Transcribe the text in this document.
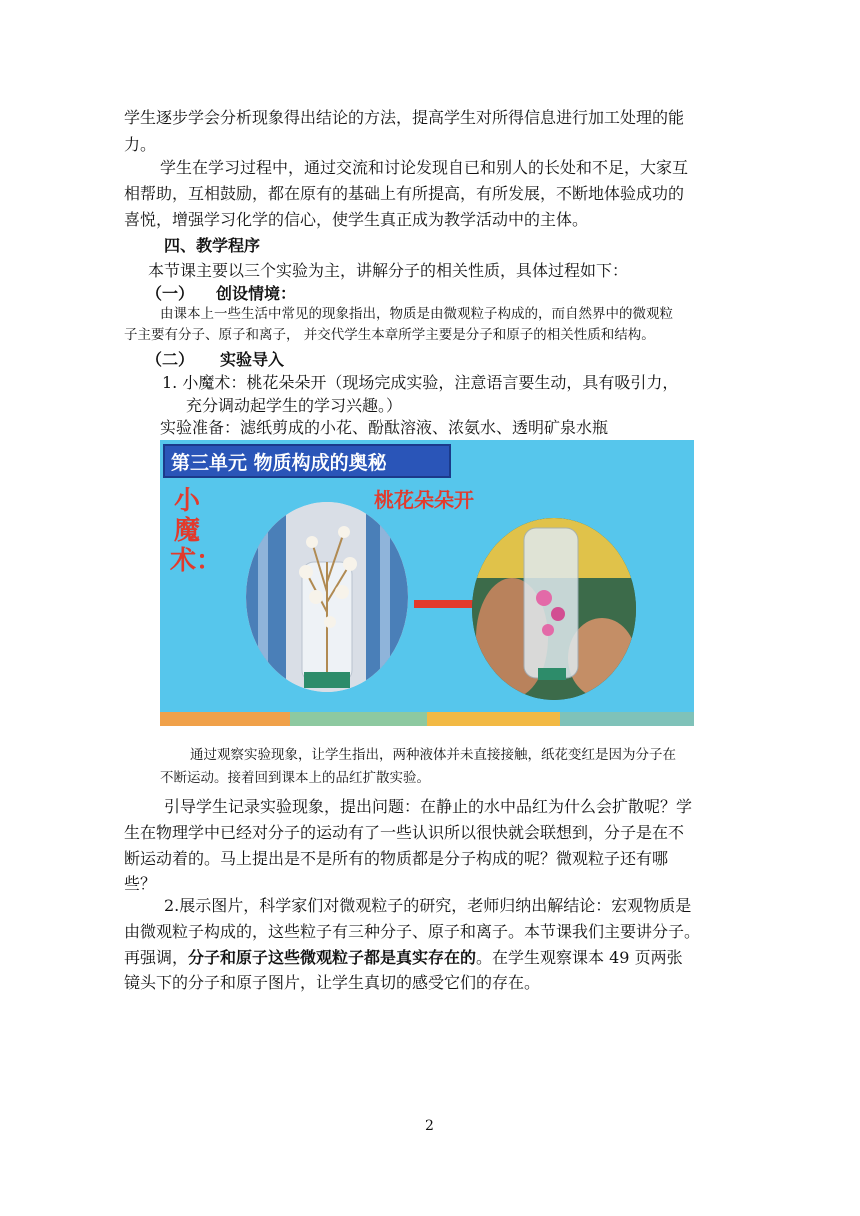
学生逐步学会分析现象得出结论的方法，提高学生对所得信息进行加工处理的能
力。
学生在学习过程中，通过交流和讨论发现自已和别人的长处和不足，大家互
相帮助，互相鼓励，都在原有的基础上有所提高，有所发展，不断地体验成功的
喜悦，增强学习化学的信心，使学生真正成为教学活动中的主体。
四、教学程序
本节课主要以三个实验为主，讲解分子的相关性质，具体过程如下：
（一） 创设情境：
由课本上一些生活中常见的现象指出，物质是由微观粒子构成的，而自然界中的微观粒
子主要有分子、原子和离子， 并交代学生本章所学主要是分子和原子的相关性质和结构。
（二） 实验导入
1. 小魔术：桃花朵朵开（现场完成实验，注意语言要生动，具有吸引力，
充分调动起学生的学习兴趣。）
实验准备：滤纸剪成的小花、酚酞溶液、浓氨水、透明矿泉水瓶
第三单元 物质构成的奥秘
小魔术：
桃花朵朵开
通过观察实验现象，让学生指出，两种液体并未直接接触，纸花变红是因为分子在
不断运动。接着回到课本上的品红扩散实验。
引导学生记录实验现象，提出问题：在静止的水中品红为什么会扩散呢？学
生在物理学中已经对分子的运动有了一些认识所以很快就会联想到，分子是在不
断运动着的。马上提出是不是所有的物质都是分子构成的呢？微观粒子还有哪
些？
2.展示图片，科学家们对微观粒子的研究，老师归纳出解结论：宏观物质是
由微观粒子构成的，这些粒子有三种分子、原子和离子。本节课我们主要讲分子。
再强调，分子和原子这些微观粒子都是真实存在的。在学生观察课本 49 页两张
镜头下的分子和原子图片，让学生真切的感受它们的存在。
2
